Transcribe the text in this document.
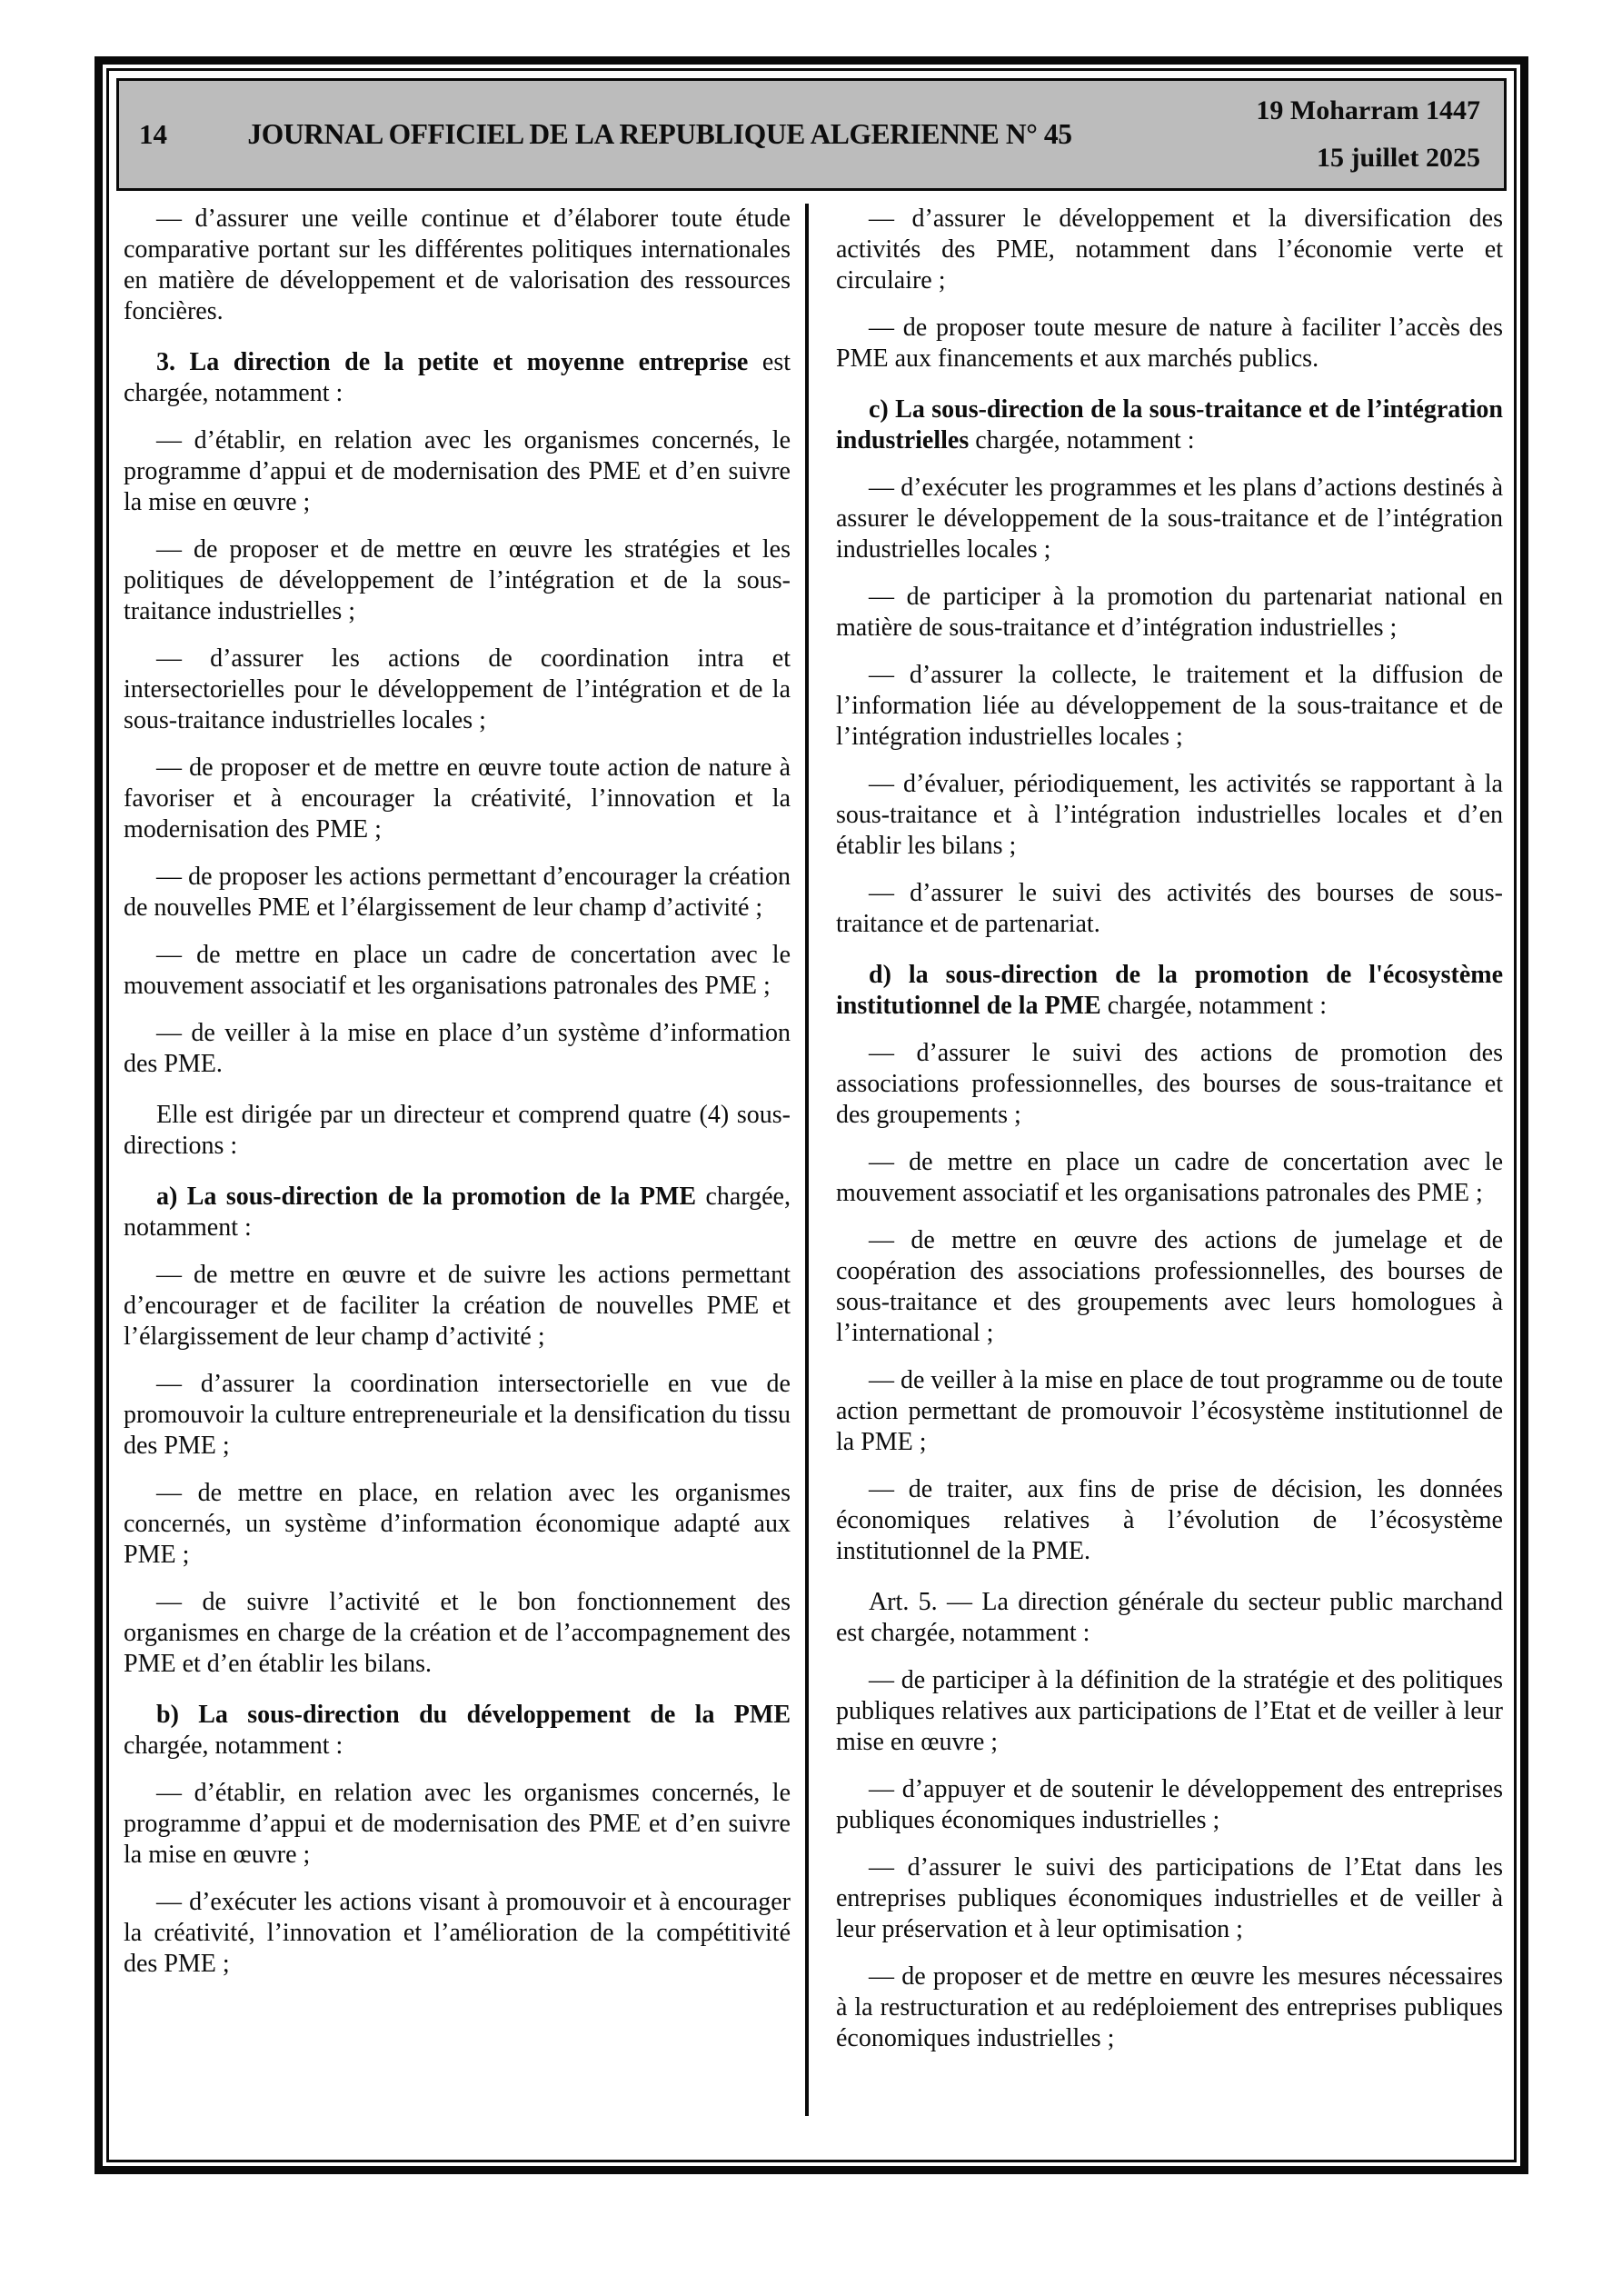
14	JOURNAL OFFICIEL DE LA REPUBLIQUE ALGERIENNE N° 45
19 Moharram 1447
15 juillet 2025

— d’assurer une veille continue et d’élaborer toute étude comparative portant sur les différentes politiques internationales en matière de développement et de valorisation des ressources foncières.

3. La direction de la petite et moyenne entreprise est chargée, notamment :

— d’établir, en relation avec les organismes concernés, le programme d’appui et de modernisation des PME et d’en suivre la mise en œuvre ;

— de proposer et de mettre en œuvre les stratégies et les politiques de développement de l’intégration et de la sous-traitance industrielles ;

— d’assurer les actions de coordination intra et intersectorielles pour le développement de l’intégration et de la sous-traitance industrielles locales ;

— de proposer et de mettre en œuvre toute action de nature à favoriser et à encourager la créativité, l’innovation et la modernisation des PME ;

— de proposer les actions permettant d’encourager la création de nouvelles PME et l’élargissement de leur champ d’activité ;

— de mettre en place un cadre de concertation avec le mouvement associatif et les organisations patronales des PME ;

— de veiller à la mise en place d’un système d’information des PME.

Elle est dirigée par un directeur et comprend quatre (4) sous-directions :

a) La sous-direction de la promotion de la PME chargée, notamment :

— de mettre en œuvre et de suivre les actions permettant d’encourager et de faciliter la création de nouvelles PME et l’élargissement de leur champ d’activité ;

— d’assurer la coordination intersectorielle en vue de promouvoir la culture entrepreneuriale et la densification du tissu des PME ;

— de mettre en place, en relation avec les organismes concernés, un système d’information économique adapté aux PME ;

— de suivre l’activité et le bon fonctionnement des organismes en charge de la création et de l’accompagnement des PME et d’en établir les bilans.

b) La sous-direction du développement de la PME chargée, notamment :

— d’établir, en relation avec les organismes concernés, le programme d’appui et de modernisation des PME et d’en suivre la mise en œuvre ;

— d’exécuter les actions visant à promouvoir et à encourager la créativité, l’innovation et l’amélioration de la compétitivité des PME ;

— d’assurer le développement et la diversification des activités des PME, notamment dans l’économie verte et circulaire ;

— de proposer toute mesure de nature à faciliter l’accès des PME aux financements et aux marchés publics.

c) La sous-direction de la sous-traitance et de l’intégration industrielles chargée, notamment :

— d’exécuter les programmes et les plans d’actions destinés à assurer le développement de la sous-traitance et de l’intégration industrielles locales ;

— de participer à la promotion du partenariat national en matière de sous-traitance et d’intégration industrielles ;

— d’assurer la collecte, le traitement et la diffusion de l’information liée au développement de la sous-traitance et de l’intégration industrielles locales ;

— d’évaluer, périodiquement, les activités se rapportant à la sous-traitance et à l’intégration industrielles locales et d’en établir les bilans ;

— d’assurer le suivi des activités des bourses de sous-traitance et de partenariat.

d) la sous-direction de la promotion de l'écosystème institutionnel de la PME chargée, notamment :

— d’assurer le suivi des actions de promotion des associations professionnelles, des bourses de sous-traitance et des groupements ;

— de mettre en place un cadre de concertation avec le mouvement associatif et les organisations patronales des PME ;

— de mettre en œuvre des actions de jumelage et de coopération des associations professionnelles, des bourses de sous-traitance et des groupements avec leurs homologues à l’international ;

— de veiller à la mise en place de tout programme ou de toute action permettant de promouvoir l’écosystème institutionnel de la PME ;

— de traiter, aux fins de prise de décision, les données économiques relatives à l’évolution de l’écosystème institutionnel de la PME.

Art. 5. — La direction générale du secteur public marchand est chargée, notamment :

— de participer à la définition de la stratégie et des politiques publiques relatives aux participations de l’Etat et de veiller à leur mise en œuvre ;

— d’appuyer et de soutenir le développement des entreprises publiques économiques industrielles ;

— d’assurer le suivi des participations de l’Etat dans les entreprises publiques économiques industrielles et de veiller à leur préservation et à leur optimisation ;

— de proposer et de mettre en œuvre les mesures nécessaires à la restructuration et au redéploiement des entreprises publiques économiques industrielles ;
